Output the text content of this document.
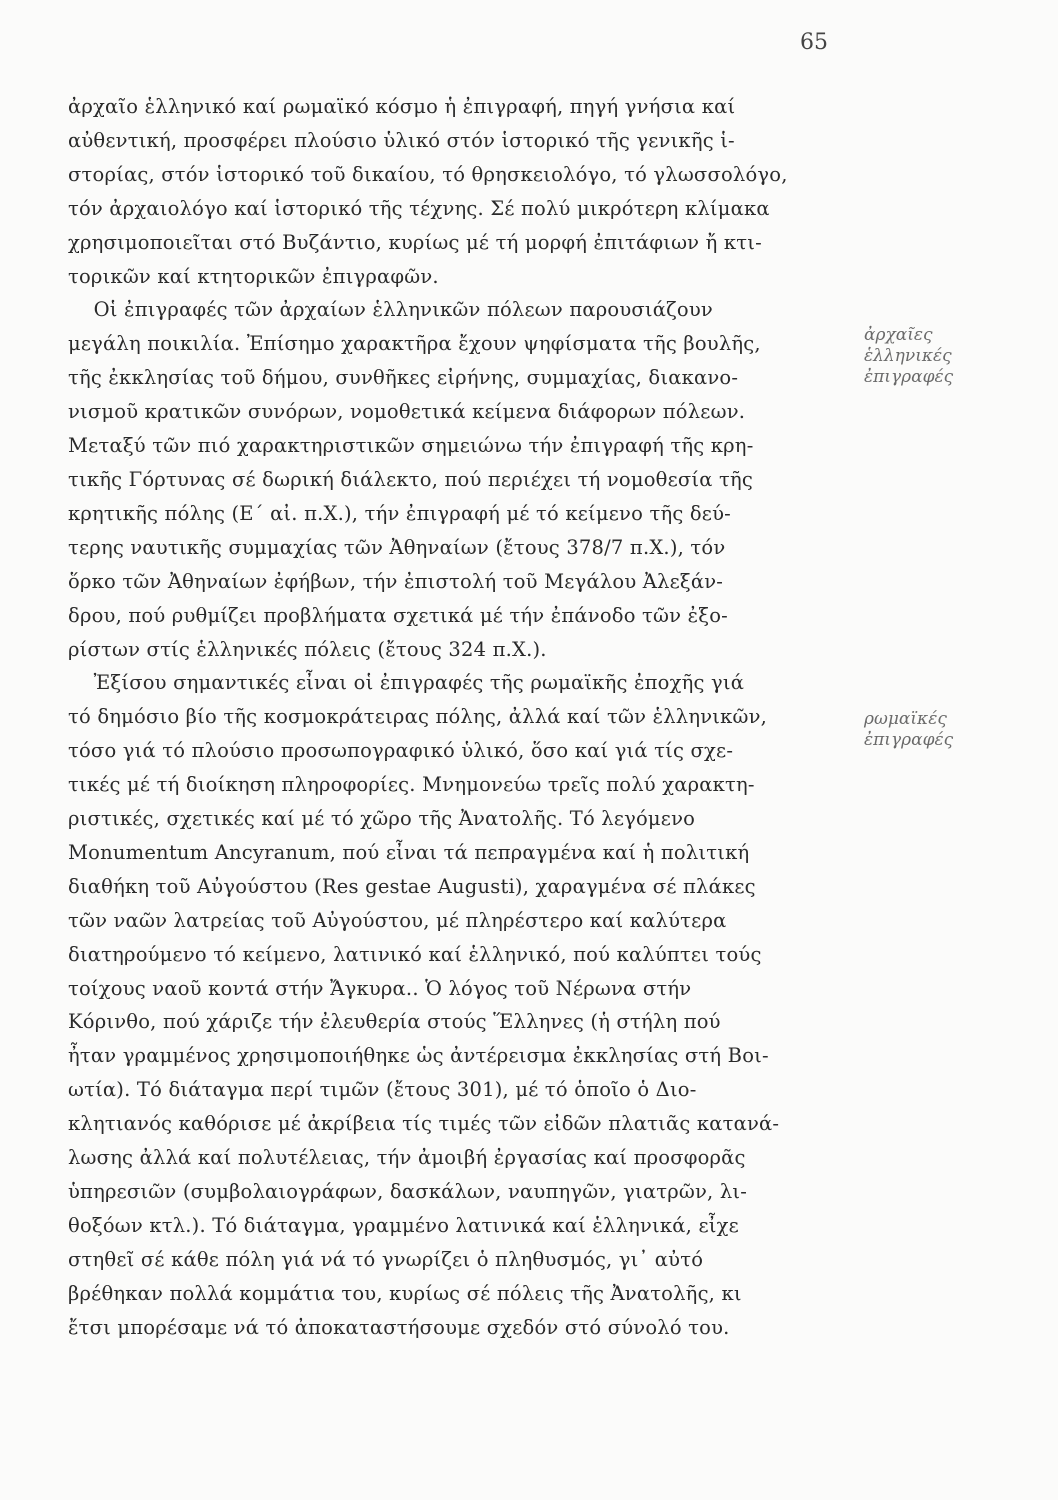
65
ἀρχαῖο ἑλληνικό καί ρωμαϊκό κόσμο ἡ ἐπιγραφή, πηγή γνήσια καί
αὐθεντική, προσφέρει πλούσιο ὑλικό στόν ἱστορικό τῆς γενικῆς ἱ-
στορίας, στόν ἱστορικό τοῦ δικαίου, τό θρησκειολόγο, τό γλωσσολόγο,
τόν ἀρχαιολόγο καί ἱστορικό τῆς τέχνης. Σέ πολύ μικρότερη κλίμακα
χρησιμοποιεῖται στό Βυζάντιο, κυρίως μέ τή μορφή ἐπιτάφιων ἤ κτι-
τορικῶν καί κτητορικῶν ἐπιγραφῶν.
Οἱ ἐπιγραφές τῶν ἀρχαίων ἑλληνικῶν πόλεων παρουσιάζουν
μεγάλη ποικιλία. Ἐπίσημο χαρακτῆρα ἔχουν ψηφίσματα τῆς βουλῆς,
τῆς ἐκκλησίας τοῦ δήμου, συνθῆκες εἰρήνης, συμμαχίας, διακανο-
νισμοῦ κρατικῶν συνόρων, νομοθετικά κείμενα διάφορων πόλεων.
Μεταξύ τῶν πιό χαρακτηριστικῶν σημειώνω τήν ἐπιγραφή τῆς κρη-
τικῆς Γόρτυνας σέ δωρική διάλεκτο, πού περιέχει τή νομοθεσία τῆς
κρητικῆς πόλης (Ε΄ αἰ. π.Χ.), τήν ἐπιγραφή μέ τό κείμενο τῆς δεύ-
τερης ναυτικῆς συμμαχίας τῶν Ἀθηναίων (ἔτους 378/7 π.Χ.), τόν
ὅρκο τῶν Ἀθηναίων ἐφήβων, τήν ἐπιστολή τοῦ Μεγάλου Ἀλεξάν-
δρου, πού ρυθμίζει προβλήματα σχετικά μέ τήν ἐπάνοδο τῶν ἐξο-
ρίστων στίς ἑλληνικές πόλεις (ἔτους 324 π.Χ.).
Ἐξίσου σημαντικές εἶναι οἱ ἐπιγραφές τῆς ρωμαϊκῆς ἐποχῆς γιά
τό δημόσιο βίο τῆς κοσμοκράτειρας πόλης, ἀλλά καί τῶν ἑλληνικῶν,
τόσο γιά τό πλούσιο προσωπογραφικό ὑλικό, ὅσο καί γιά τίς σχε-
τικές μέ τή διοίκηση πληροφορίες. Μνημονεύω τρεῖς πολύ χαρακτη-
ριστικές, σχετικές καί μέ τό χῶρο τῆς Ἀνατολῆς. Τό λεγόμενο
Monumentum Ancyranum, πού εἶναι τά πεπραγμένα καί ἡ πολιτική
διαθήκη τοῦ Αὐγούστου (Res gestae Augusti), χαραγμένα σέ πλάκες
τῶν ναῶν λατρείας τοῦ Αὐγούστου, μέ πληρέστερο καί καλύτερα
διατηρούμενο τό κείμενο, λατινικό καί ἑλληνικό, πού καλύπτει τούς
τοίχους ναοῦ κοντά στήν Ἄγκυρα.. Ὁ λόγος τοῦ Νέρωνα στήν
Κόρινθο, πού χάριζε τήν ἐλευθερία στούς Ἕλληνες (ἡ στήλη πού
ἦταν γραμμένος χρησιμοποιήθηκε ὡς ἀντέρεισμα ἐκκλησίας στή Βοι-
ωτία). Τό διάταγμα περί τιμῶν (ἔτους 301), μέ τό ὁποῖο ὁ Διο-
κλητιανός καθόρισε μέ ἀκρίβεια τίς τιμές τῶν εἰδῶν πλατιᾶς κατανά-
λωσης ἀλλά καί πολυτέλειας, τήν ἀμοιβή ἐργασίας καί προσφορᾶς
ὑπηρεσιῶν (συμβολαιογράφων, δασκάλων, ναυπηγῶν, γιατρῶν, λι-
θοξόων κτλ.). Τό διάταγμα, γραμμένο λατινικά καί ἑλληνικά, εἶχε
στηθεῖ σέ κάθε πόλη γιά νά τό γνωρίζει ὁ πληθυσμός, γι᾽ αὐτό
βρέθηκαν πολλά κομμάτια του, κυρίως σέ πόλεις τῆς Ἀνατολῆς, κι
ἔτσι μπορέσαμε νά τό ἀποκαταστήσουμε σχεδόν στό σύνολό του.
ἀρχαῖες
ἑλληνικές
ἐπιγραφές
ρωμαϊκές
ἐπιγραφές
